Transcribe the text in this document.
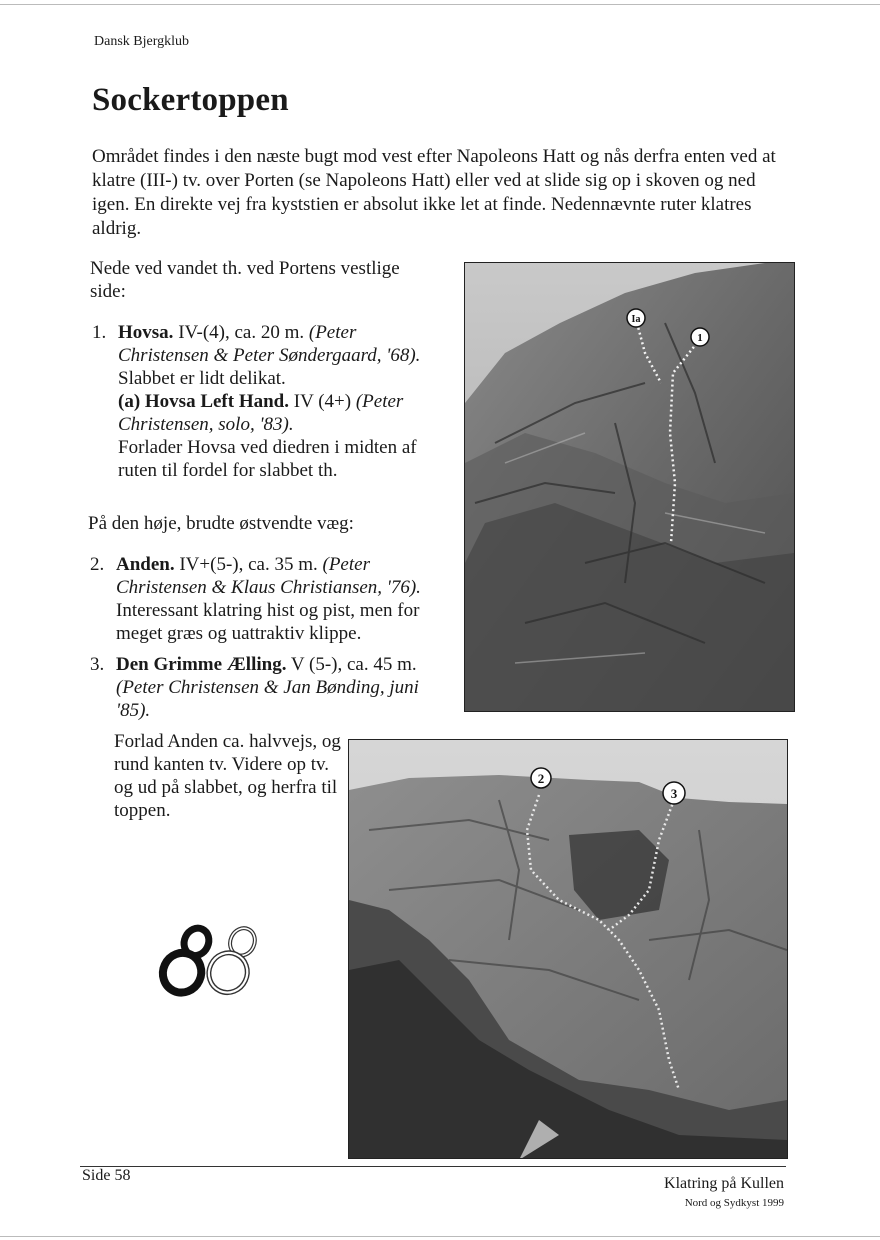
Dansk Bjergklub
Sockertoppen
Området findes i den næste bugt mod vest efter Napoleons Hatt og nås derfra enten ved at klatre (III-) tv. over Porten (se Napoleons Hatt) eller ved at slide sig op i skoven og ned igen. En direkte vej fra kyststien er absolut ikke let at finde. Nedennævnte ruter klatres aldrig.
Nede ved vandet th. ved Portens vestlige side:
1. Hovsa. IV-(4), ca. 20 m. (Peter Christensen & Peter Søndergaard, '68).
Slabbet er lidt delikat.
(a) Hovsa Left Hand. IV (4+) (Peter Christensen, solo, '83).
Forlader Hovsa ved diedren i midten af ruten til fordel for slabbet th.
På den høje, brudte østvendte væg:
2. Anden. IV+(5-), ca. 35 m. (Peter Christensen & Klaus Christiansen, '76).
Interessant klatring hist og pist, men for meget græs og uattraktiv klippe.
3. Den Grimme Ælling. V (5-), ca. 45 m. (Peter Christensen & Jan Bønding, juni '85).
Forlad Anden ca. halvvejs, og rund kanten tv. Videre op tv. og ud på slabbet, og herfra til toppen.
Ia
1
2
3
Side 58	Klatring på Kullen
Nord og Sydkyst 1999
